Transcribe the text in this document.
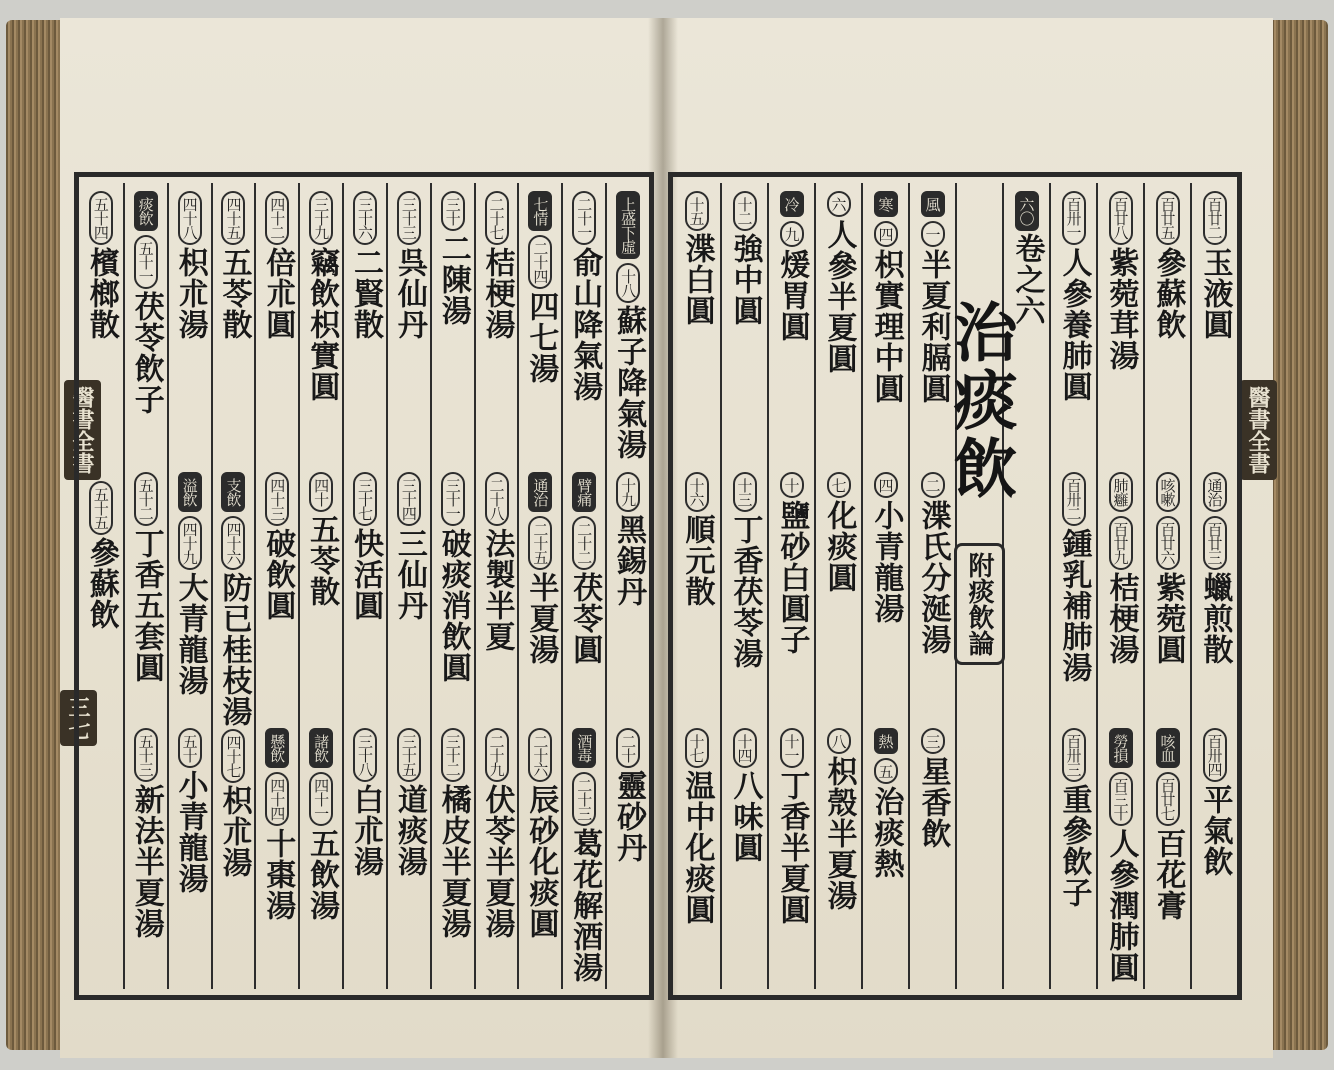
醫書全書	醫書全書
三七
百廿二
玉液圓
通治
百廿三
蠟煎散
百卅四
平氣飲
百廿五
參蘇飲
咳嗽
百廿六
紫菀圓
咳血
百廿七
百花膏
百廿八
紫菀茸湯
肺癰
百廿九
桔梗湯
勞損
百三十
人參潤肺圓
百卅一
人參養肺圓
百卅二
鍾乳補肺湯
百卅三
重參飲子
六〇
卷之六
治痰飲
附痰飲論
風
一
半夏利膈圓
二
渫氏分涎湯
三
星香飲
寒
四
枳實理中圓
四
小青龍湯
熱
五
治痰熱
六
人參半夏圓
七
化痰圓
八
枳殼半夏湯
冷
九
煖胃圓
十
鹽砂白圓子
十一
丁香半夏圓
十二
強中圓
十三
丁香茯苓湯
十四
八味圓
十五
渫白圓
十六
順元散
十七
温中化痰圓
上盛下虛
十八
蘇子降氣湯
十九
黑錫丹
二十
靈砂丹
二十一
俞山降氣湯
臂痛
二十二
茯苓圓
酒毒
二十三
葛花解酒湯
七情
二十四
四七湯
通治
二十五
半夏湯
二十六
辰砂化痰圓
二十七
桔梗湯
二十八
法製半夏
二十九
伏苓半夏湯
三十
二陳湯
三十一
破痰消飲圓
三十二
橘皮半夏湯
三十三
呉仙丹
三十四
三仙丹
三十五
道痰湯
三十六
二賢散
三十七
快活圓
三十八
白朮湯
三十九
竊飲枳實圓
四十
五苓散
諸飲
四十一
五飲湯
四十二
倍朮圓
四十三
破飲圓
懸飲
四十四
十棗湯
四十五
五苓散
支飲
四十六
防已桂枝湯
四十七
枳朮湯
四十八
枳朮湯
溢飲
四十九
大青龍湯
五十
小青龍湯
痰飲
五十一
茯苓飲子
五十二
丁香五套圓
五十三
新法半夏湯
五十四
檳榔散
五十五
參蘇飲
